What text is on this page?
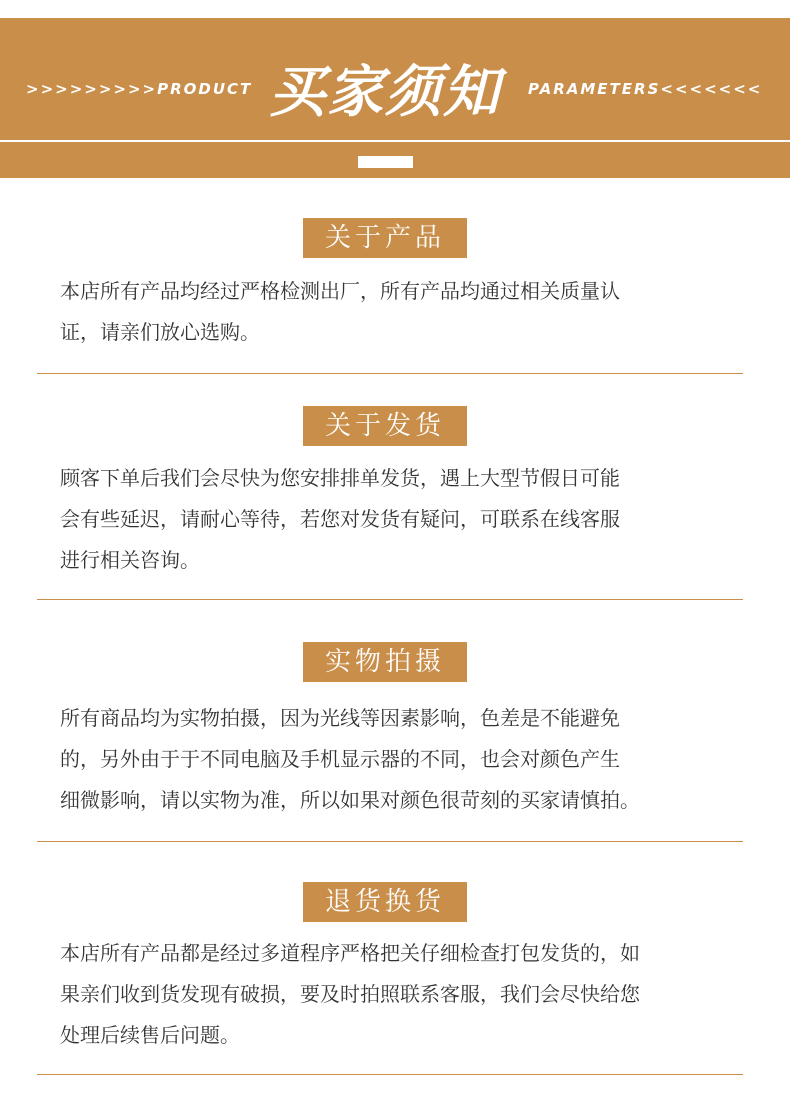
>>>>>>>>>PRODUCT 买家须知	PARAMETERS<<<<<<<
关于产品
本店所有产品均经过严格检测出厂，所有产品均通过相关质量认
证，请亲们放心选购。
关于发货
顾客下单后我们会尽快为您安排排单发货，遇上大型节假日可能
会有些延迟，请耐心等待，若您对发货有疑问，可联系在线客服
进行相关咨询。
实物拍摄
所有商品均为实物拍摄，因为光线等因素影响，色差是不能避免
的，另外由于于不同电脑及手机显示器的不同，也会对颜色产生
细微影响，请以实物为准，所以如果对颜色很苛刻的买家请慎拍。
退货换货
本店所有产品都是经过多道程序严格把关仔细检查打包发货的，如
果亲们收到货发现有破损，要及时拍照联系客服，我们会尽快给您
处理后续售后问题。
